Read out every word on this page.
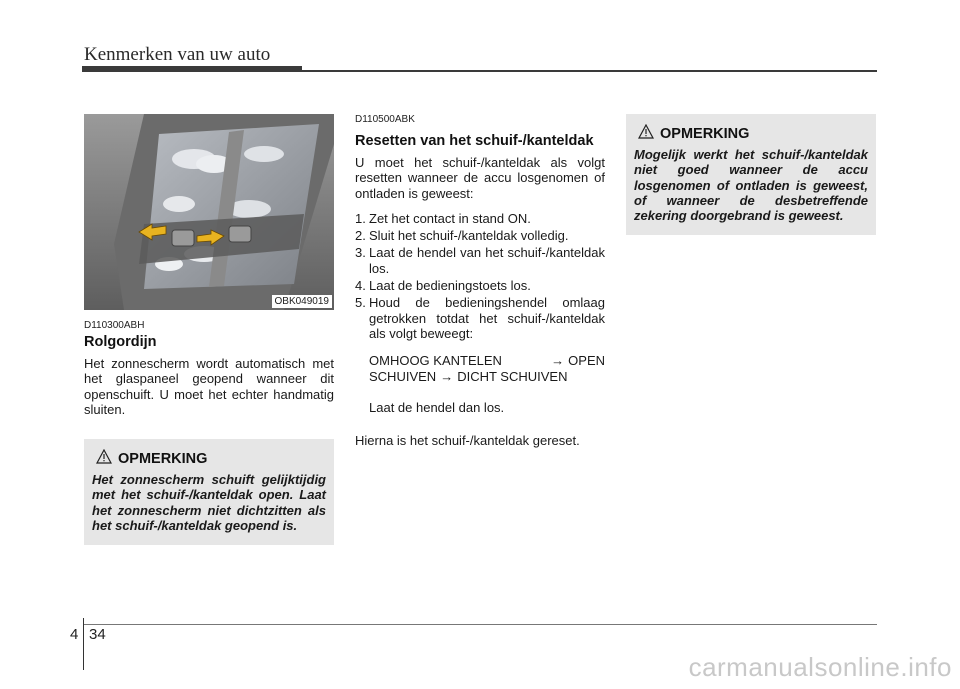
Kenmerken van uw auto
OBK049019

D110300ABH

Rolgordijn

Het zonnescherm wordt automatisch met het glaspaneel geopend wanneer dit openschuift. U moet het echter handmatig sluiten.

OPMERKING

Het zonnescherm schuift gelijktijdig met het schuif-/kanteldak open. Laat het zonnescherm niet dichtzitten als het schuif-/kanteldak geopend is.

D110500ABK

Resetten van het schuif-/kanteldak

U moet het schuif-/kanteldak als volgt resetten wanneer de accu losgenomen of ontladen is geweest:

1. Zet het contact in stand ON.
2. Sluit het schuif-/kanteldak volledig.
3. Laat de hendel van het schuif-/kanteldak los.
4. Laat de bedieningstoets los.
5. Houd de bedieningshendel omlaag getrokken totdat het schuif-/kanteldak als volgt beweegt:
OMHOOG KANTELEN	→ OPEN
SCHUIVEN → DICHT SCHUIVEN
Laat de hendel dan los.

Hierna is het schuif-/kanteldak gereset.

OPMERKING

Mogelijk werkt het schuif-/kanteldak niet goed wanneer de accu losgenomen of ontladen is geweest, of wanneer de desbetreffende zekering doorgebrand is geweest.

4 34
carmanualsonline.info
